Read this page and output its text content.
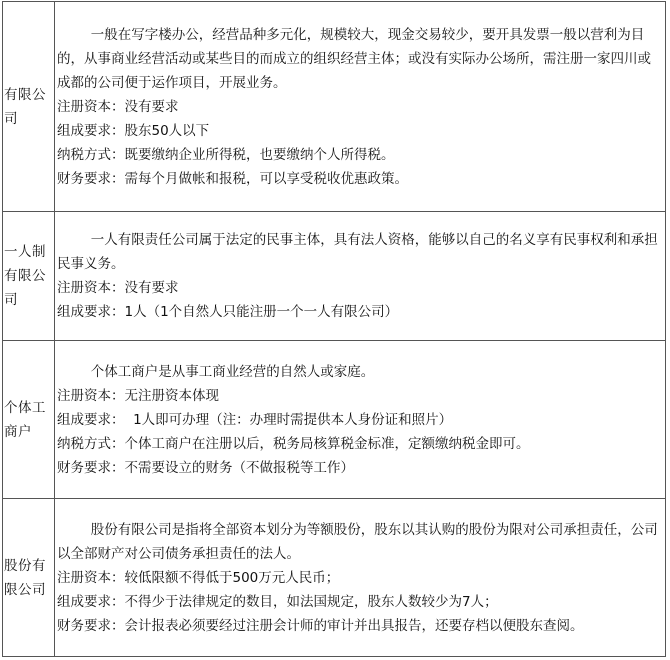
有限公司	一般在写字楼办公，经营品种多元化，规模较大，现金交易较少，要开具发票一般以营利为目的，从事商业经营活动或某些目的而成立的组织经营主体；或没有实际办公场所，需注册一家四川或成都的公司便于运作项目，开展业务。

注册资本：没有要求

组成要求：股东50人以下

纳税方式：既要缴纳企业所得税，也要缴纳个人所得税。

财务要求：需每个月做帐和报税，可以享受税收优惠政策。

一人制有限公司	一人有限责任公司属于法定的民事主体，具有法人资格，能够以自己的名义享有民事权利和承担民事义务。

注册资本：没有要求

组成要求：1人（1个自然人只能注册一个一人有限公司）

个体工商户	个体工商户是从事工商业经营的自然人或家庭。

注册资本：无注册资本体现

组成要求：  1人即可办理（注：办理时需提供本人身份证和照片）

纳税方式：个体工商户在注册以后，税务局核算税金标准，定额缴纳税金即可。

财务要求：不需要设立的财务（不做报税等工作）

股份有限公司	股份有限公司是指将全部资本划分为等额股份，股东以其认购的股份为限对公司承担责任，公司以全部财产对公司债务承担责任的法人。

注册资本：较低限额不得低于500万元人民币；

组成要求：不得少于法律规定的数目，如法国规定，股东人数较少为7人；

财务要求：会计报表必须要经过注册会计师的审计并出具报告，还要存档以便股东查阅。
